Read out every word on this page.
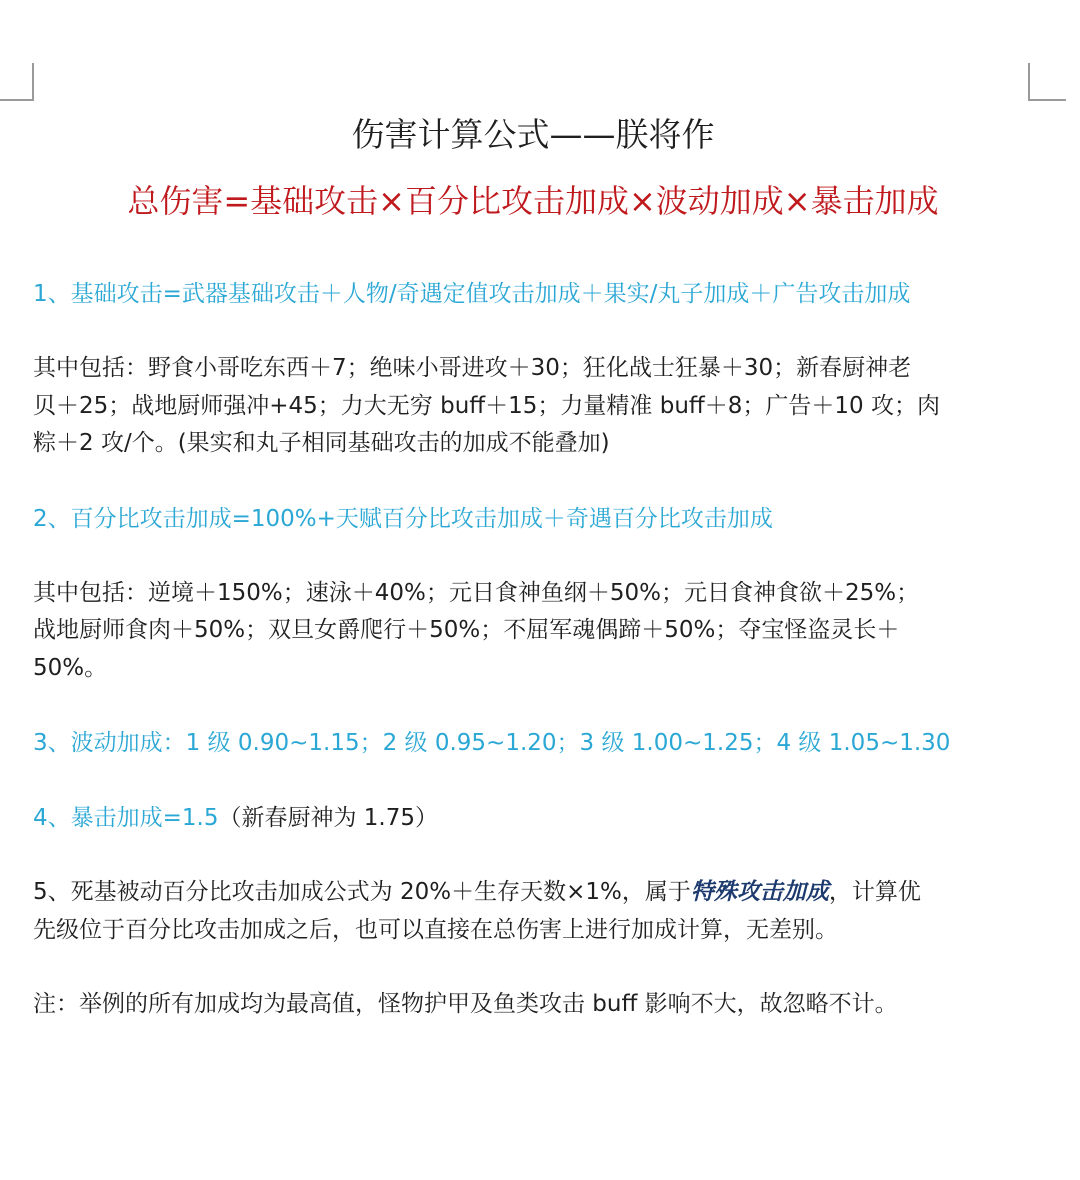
伤害计算公式——朕将作
总伤害=基础攻击×百分比攻击加成×波动加成×暴击加成
1、基础攻击=武器基础攻击＋人物/奇遇定值攻击加成＋果实/丸子加成＋广告攻击加成
其中包括：野食小哥吃东西＋7；绝味小哥进攻＋30；狂化战士狂暴＋30；新春厨神老
贝＋25；战地厨师强冲+45；力大无穷 buff＋15；力量精准 buff＋8；广告＋10 攻；肉
粽＋2 攻/个。(果实和丸子相同基础攻击的加成不能叠加)
2、百分比攻击加成=100%+天赋百分比攻击加成＋奇遇百分比攻击加成
其中包括：逆境＋150%；速泳＋40%；元日食神鱼纲＋50%；元日食神食欲＋25%；
战地厨师食肉＋50%；双旦女爵爬行＋50%；不屈军魂偶蹄＋50%；夺宝怪盗灵长＋
50%。
3、波动加成：1 级 0.90~1.15；2 级 0.95~1.20；3 级 1.00~1.25；4 级 1.05~1.30
4、暴击加成=1.5（新春厨神为 1.75）
5、死基被动百分比攻击加成公式为 20%＋生存天数×1%，属于特殊攻击加成，计算优
先级位于百分比攻击加成之后，也可以直接在总伤害上进行加成计算，无差别。
注：举例的所有加成均为最高值，怪物护甲及鱼类攻击 buff 影响不大，故忽略不计。
